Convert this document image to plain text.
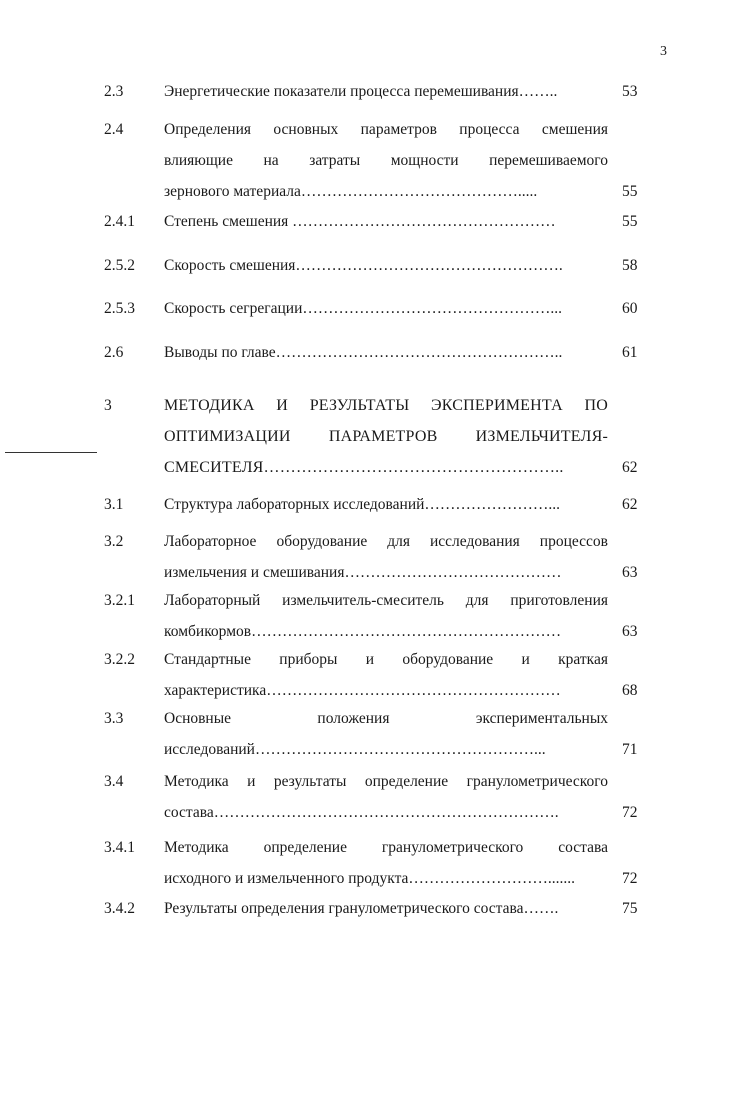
3
2.3	Энергетические показатели процесса перемешивания……..	53
2.4	Определения основных параметров процесса смешения
влияющие на затраты мощности перемешиваемого
зернового материала…………………………………….....	55
2.4.1	Степень смешения ……………………………………………	55
2.5.2	Скорость смешения…………………………………………….	58
2.5.3	Скорость сегрегации…………………………………………...	60
2.6	Выводы по главе………………………………………………..	61
3	МЕТОДИКА И РЕЗУЛЬТАТЫ ЭКСПЕРИМЕНТА ПО
ОПТИМИЗАЦИИ ПАРАМЕТРОВ ИЗМЕЛЬЧИТЕЛЯ-
СМЕСИТЕЛЯ………………………………………………..	62
3.1	Структура лабораторных исследований……………………...	62
3.2	Лабораторное оборудование для исследования процессов
измельчения и смешивания……………………………………	63
3.2.1	Лабораторный измельчитель-смеситель для приготовления
комбикормов……………………………………………………	63
3.2.2	Стандартные приборы и оборудование и краткая
характеристика…………………………………………………	68
3.3	Основные положения экспериментальных
исследований………………………………………………...	71
3.4	Методика и результаты определение гранулометрического
состава………………………………………………………….	72
3.4.1	Методика определение гранулометрического состава
исходного и измельченного продукта……………………….......	72
3.4.2	Результаты определения гранулометрического состава…….	75
